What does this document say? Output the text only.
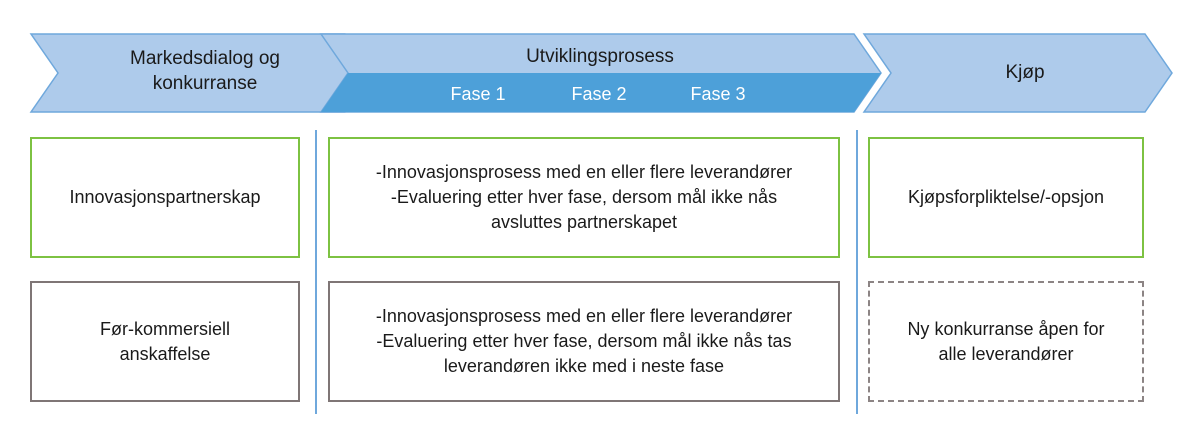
Markedsdialog og
konkurranse
Utviklingsprosess
Kjøp
Fase 1	Fase 2	Fase 3
Innovasjonspartnerskap
-Innovasjonsprosess med en eller flere leverandører
-Evaluering etter hver fase, dersom mål ikke nås
avsluttes partnerskapet
Kjøpsforpliktelse/-opsjon
Før-kommersiell
anskaffelse
-Innovasjonsprosess med en eller flere leverandører
-Evaluering etter hver fase, dersom mål ikke nås tas
leverandøren ikke med i neste fase
Ny konkurranse åpen for
alle leverandører
